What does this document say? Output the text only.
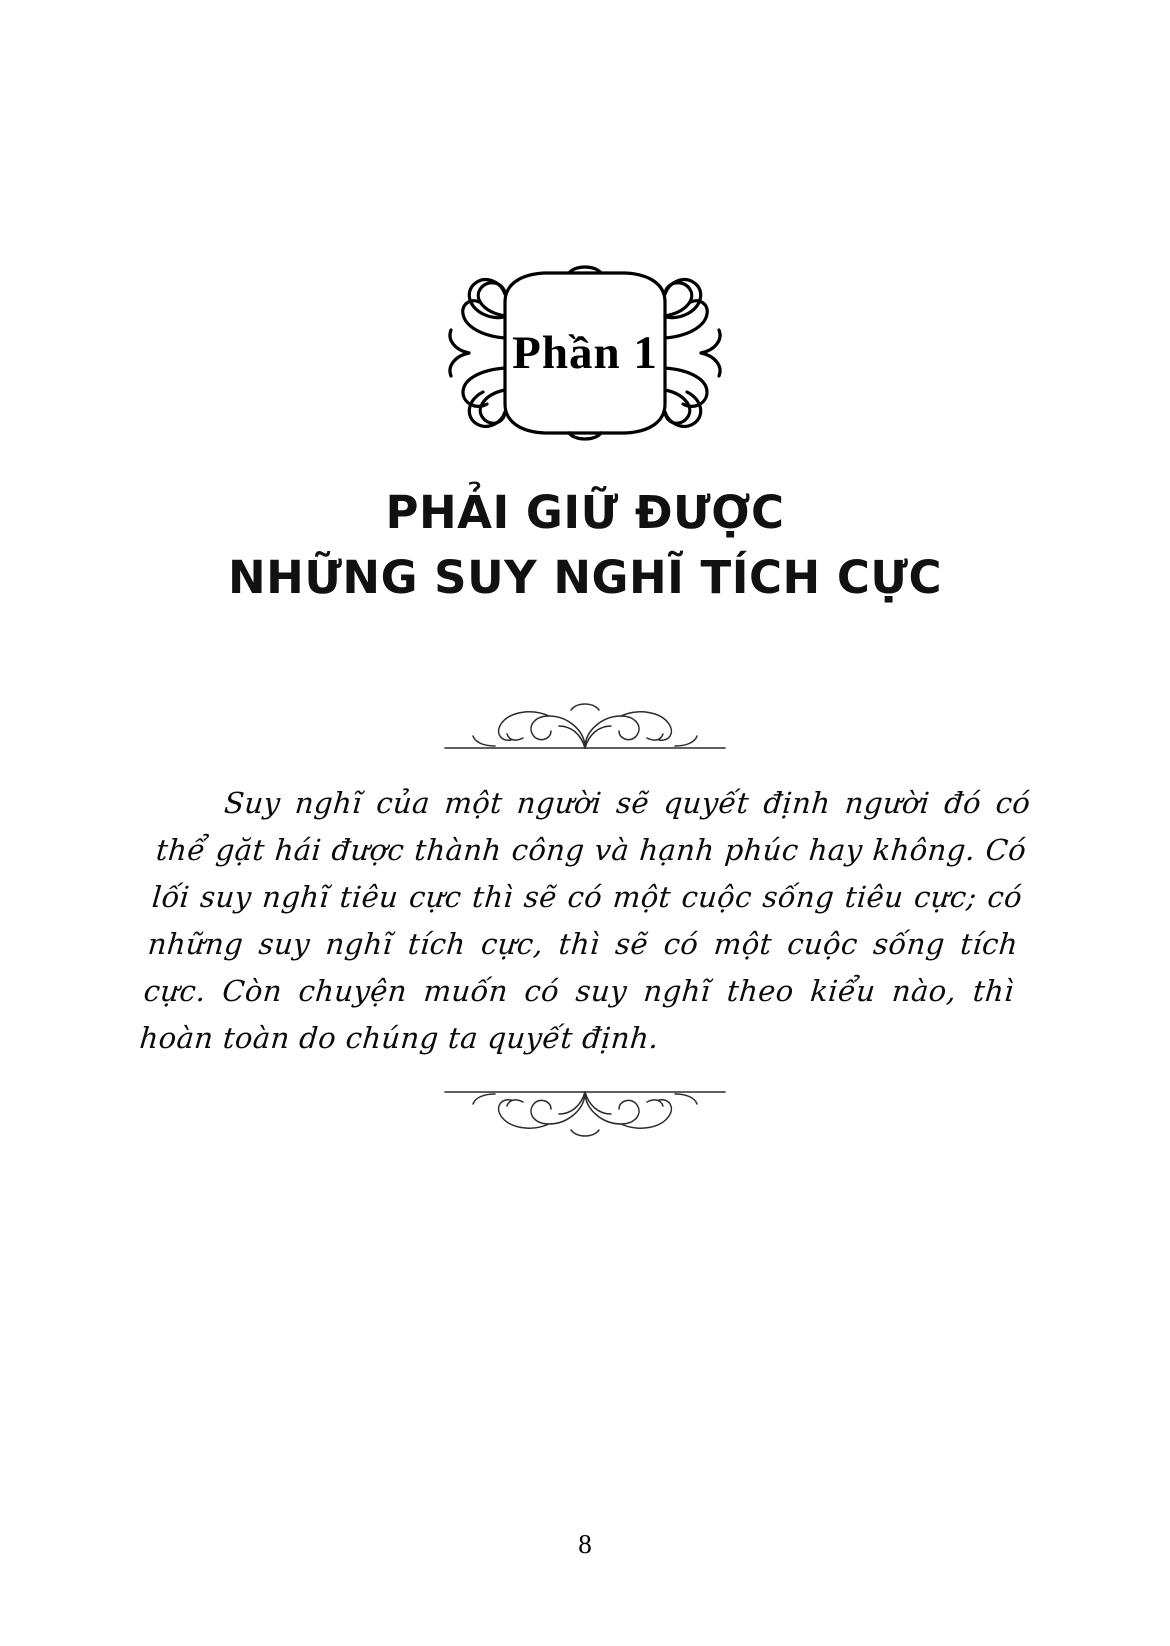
Phần 1
PHẢI GIỮ ĐƯỢC
NHỮNG SUY NGHĨ TÍCH CỰC
Suy nghĩ của một người sẽ quyết định người đó có thể gặt hái được thành công và hạnh phúc hay không. Có lối suy nghĩ tiêu cực thì sẽ có một cuộc sống tiêu cực; có những suy nghĩ tích cực, thì sẽ có một cuộc sống tích cực. Còn chuyện muốn có suy nghĩ theo kiểu nào, thì hoàn toàn do chúng ta quyết định.
8
